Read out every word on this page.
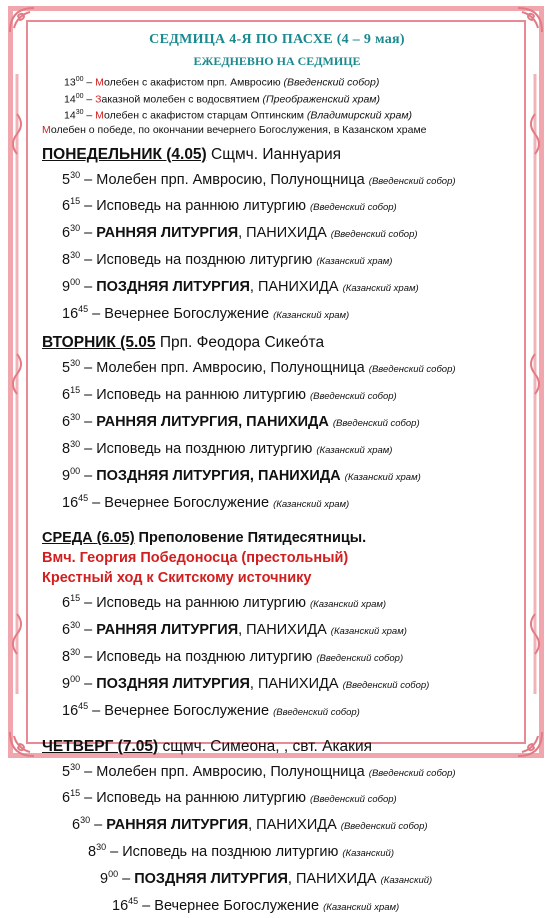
СЕДМИЦА 4-Я ПО ПАСХЕ (4 – 9 мая)
ЕЖЕДНЕВНО НА СЕДМИЦЕ
$13^{00}$ – Молебен с акафистом прп. Амвросию (Введенский собор)
$14^{00}$ – Заказной молебен с водосвятием (Преображенский храм)
$14^{30}$ – Молебен с акафистом старцам Оптинским (Владимирский храм)
Молебен о победе, по окончании вечернего Богослужения, в Казанском храме
ПОНЕДЕЛЬНИК (4.05) Сщмч. Ианнуария
$5^{30}$ – Молебен прп. Амвросию, Полунощница (Введенский собор)
$6^{15}$ – Исповедь на раннюю литургию (Введенский собор)
$6^{30}$ – РАННЯЯ ЛИТУРГИЯ, ПАНИХИДА (Введенский собор)
$8^{30}$ – Исповедь на позднюю литургию (Казанский храм)
$9^{00}$ – ПОЗДНЯЯ ЛИТУРГИЯ, ПАНИХИДА (Казанский храм)
$16^{45}$ – Вечернее Богослужение (Казанский храм)
ВТОРНИК (5.05 Прп. Феодора Сикеóта
$5^{30}$ – Молебен прп. Амвросию, Полунощница (Введенский собор)
$6^{15}$ – Исповедь на раннюю литургию (Введенский собор)
$6^{30}$ – РАННЯЯ ЛИТУРГИЯ, ПАНИХИДА (Введенский собор)
$8^{30}$ – Исповедь на позднюю литургию (Казанский храм)
$9^{00}$ – ПОЗДНЯЯ ЛИТУРГИЯ, ПАНИХИДА (Казанский храм)
$16^{45}$ – Вечернее Богослужение (Казанский храм)
СРЕДА (6.05) Преполовение Пятидесятницы.
Вмч. Георгия Победоносца (престольный)
Крестный ход к Скитскому источнику
$6^{15}$ – Исповедь на раннюю литургию (Казанский храм)
$6^{30}$ – РАННЯЯ ЛИТУРГИЯ, ПАНИХИДА (Казанский храм)
$8^{30}$ – Исповедь на позднюю литургию (Введенский собор)
$9^{00}$ – ПОЗДНЯЯ ЛИТУРГИЯ, ПАНИХИДА (Введенский собор)
$16^{45}$ – Вечернее Богослужение (Введенский собор)
ЧЕТВЕРГ (7.05) сщмч. Симеона, , свт. Акакия
$5^{30}$ – Молебен прп. Амвросию, Полунощница (Введенский собор)
$6^{15}$ – Исповедь на раннюю литургию (Введенский собор)
$6^{30}$ – РАННЯЯ ЛИТУРГИЯ, ПАНИХИДА (Введенский собор)
$8^{30}$ – Исповедь на позднюю литургию (Казанский)
$9^{00}$ – ПОЗДНЯЯ ЛИТУРГИЯ, ПАНИХИДА (Казанский)
$16^{45}$ – Вечернее Богослужение (Казанский храм)
